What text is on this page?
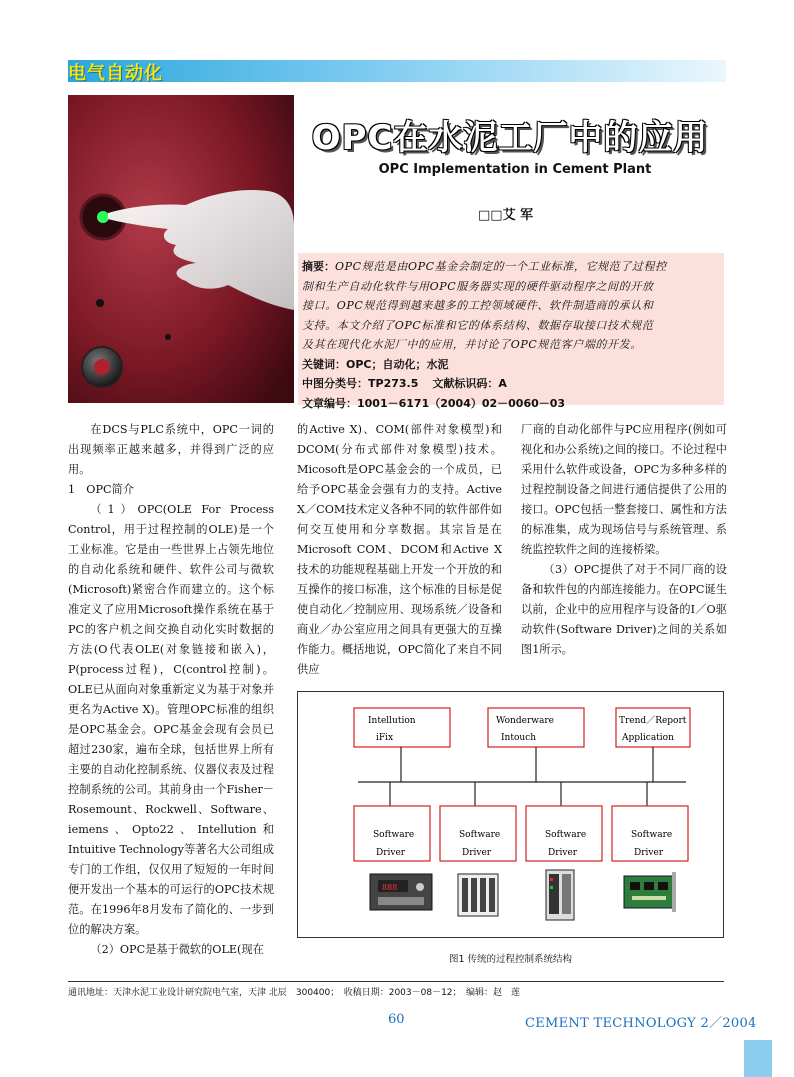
电气自动化
OPC在水泥工厂中的应用
OPC Implementation in Cement Plant
□□艾 军
摘要：OPC规范是由OPC基金会制定的一个工业标准，它规范了过程控
制和生产自动化软件与用OPC服务器实现的硬件驱动程序之间的开放
接口。OPC规范得到越来越多的工控领域硬件、软件制造商的承认和
支持。本文介绍了OPC标准和它的体系结构、数据存取接口技术规范
及其在现代化水泥厂中的应用，并讨论了OPC规范客户端的开发。
关键词：OPC；自动化；水泥
中图分类号：TP273.5 文献标识码：A
文章编号：1001－6171（2004）02－0060－03

在DCS与PLC系统中，OPC一词的出现频率正越来越多，并得到广泛的应用。

1　OPC简介

（1）OPC(OLE For Process Control，用于过程控制的OLE)是一个工业标准。它是由一些世界上占领先地位的自动化系统和硬件、软件公司与微软(Microsoft)紧密合作而建立的。这个标准定义了应用Microsoft操作系统在基于PC的客户机之间交换自动化实时数据的方法(O代表OLE(对象链接和嵌入)，P(process过程)，C(control控制)。OLE已从面向对象重新定义为基于对象并更名为Active X)。管理OPC标准的组织是OPC基金会。OPC基金会现有会员已超过230家，遍布全球，包括世界上所有主要的自动化控制系统、仪器仪表及过程控制系统的公司。其前身由一个Fisher－Rosemount、Rockwell、Software、iemens、Opto22、Intellution和Intuitive Technology等著名大公司组成专门的工作组，仅仅用了短短的一年时间便开发出一个基本的可运行的OPC技术规范。在1996年8月发布了简化的、一步到位的解决方案。

（2）OPC是基于微软的OLE(现在

的Active X)、COM(部件对象模型)和DCOM(分布式部件对象模型)技术。Micosoft是OPC基金会的一个成员，已给予OPC基金会强有力的支持。Active X／COM技术定义各种不同的软件部件如何交互使用和分享数据。其宗旨是在Microsoft COM、DCOM和Active X技术的功能规程基础上开发一个开放的和互操作的接口标准，这个标准的目标是促使自动化／控制应用、现场系统／设备和商业／办公室应用之间具有更强大的互操作能力。概括地说，OPC简化了来自不同供应

厂商的自动化部件与PC应用程序(例如可视化和办公系统)之间的接口。不论过程中采用什么软件或设备，OPC为多种多样的过程控制设备之间进行通信提供了公用的接口。OPC包括一整套接口、属性和方法的标准集，成为现场信号与系统管理、系统监控软件之间的连接桥梁。

（3）OPC提供了对于不同厂商的设备和软件包的内部连接能力。在OPC诞生以前，企业中的应用程序与设备的I／O驱动软件(Software Driver)之间的关系如图1所示。

Intellution
iFix
Wonderware
Intouch
Trend／Report
Application
Software
Driver
Software
Driver
Software
Driver
Software
Driver
888
图1 传统的过程控制系统结构
通讯地址：天津水泥工业设计研究院电气室，天津 北辰　300400；　收稿日期：2003－08－12；　编辑：赵　莲
60	CEMENT TECHNOLOGY 2／2004
